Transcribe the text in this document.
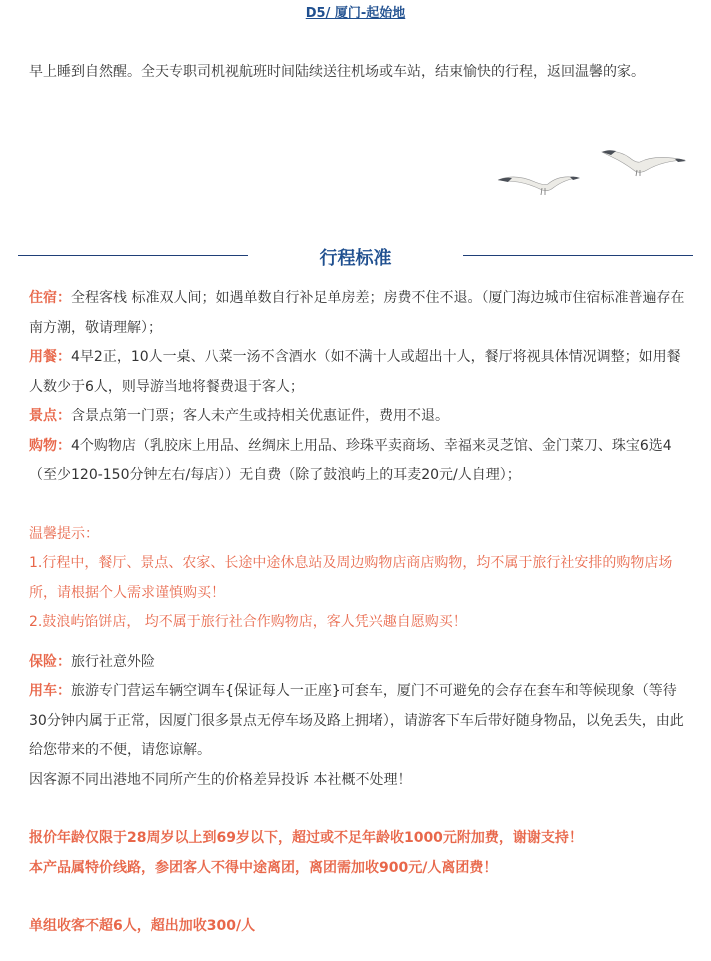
D5/ 厦门-起始地
早上睡到自然醒。全天专职司机视航班时间陆续送往机场或车站，结束愉快的行程，返回温馨的家。
行程标准

住宿：全程客栈 标准双人间；如遇单数自行补足单房差；房费不住不退。（厦门海边城市住宿标准普遍存在南方潮，敬请理解）；

用餐：4早2正，10人一桌、八菜一汤不含酒水（如不满十人或超出十人，餐厅将视具体情况调整；如用餐人数少于6人，则导游当地将餐费退于客人；

景点：含景点第一门票；客人未产生或持相关优惠证件，费用不退。

购物：4个购物店（乳胶床上用品、丝绸床上用品、珍珠平卖商场、幸福来灵芝馆、金门菜刀、珠宝6选4 （至少120-150分钟左右/每店））无自费（除了鼓浪屿上的耳麦20元/人自理）；

温馨提示：

1.行程中，餐厅、景点、农家、长途中途休息站及周边购物店商店购物，均不属于旅行社安排的购物店场所，请根据个人需求谨慎购买！

2.鼓浪屿馅饼店， 均不属于旅行社合作购物店，客人凭兴趣自愿购买！

保险：旅行社意外险

用车：旅游专门营运车辆空调车{保证每人一正座}可套车，厦门不可避免的会存在套车和等候现象（等待30分钟内属于正常，因厦门很多景点无停车场及路上拥堵），请游客下车后带好随身物品，以免丢失，由此给您带来的不便，请您谅解。

因客源不同出港地不同所产生的价格差异投诉 本社概不处理！

报价年龄仅限于28周岁以上到69岁以下，超过或不足年龄收1000元附加费，谢谢支持！

本产品属特价线路，参团客人不得中途离团，离团需加收900元/人离团费！

单组收客不超6人，超出加收300/人
